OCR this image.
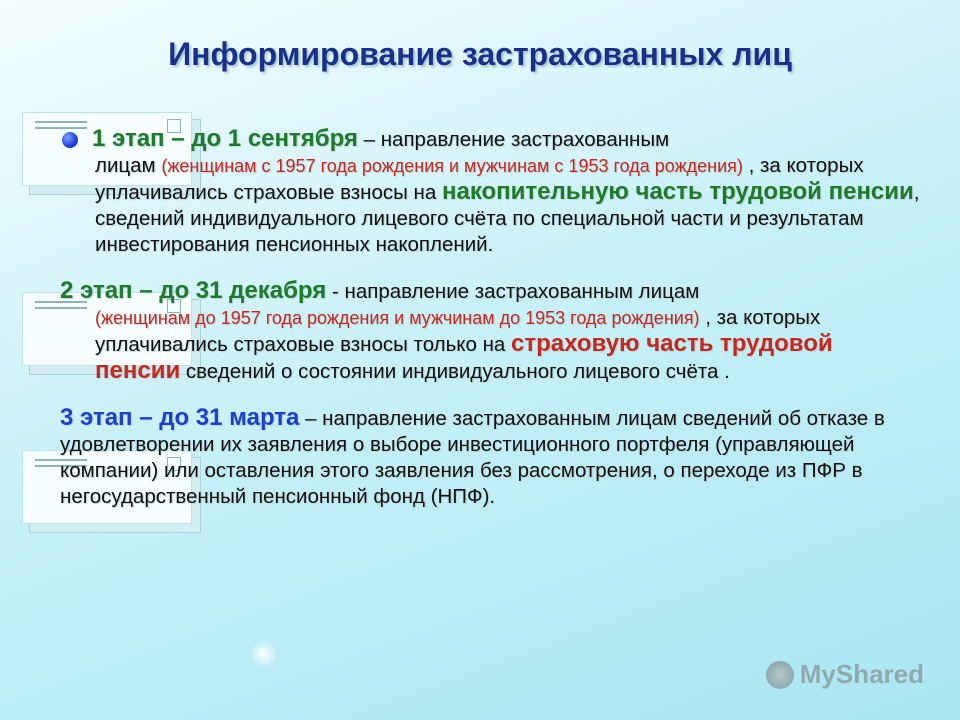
Информирование застрахованных лиц
1 этап – до 1 сентября – направление застрахованным
лицам (женщинам с 1957 года рождения и мужчинам с 1953 года рождения) , за которых уплачивались страховые взносы на накопительную часть трудовой пенсии, сведений индивидуального лицевого счёта по специальной части и результатам инвестирования пенсионных накоплений.
2 этап – до 31 декабря - направление застрахованным лицам
(женщинам до 1957 года рождения и мужчинам до 1953 года рождения) , за которых уплачивались страховые взносы только на страховую часть трудовой пенсии сведений о состоянии индивидуального лицевого счёта .
3 этап – до 31 марта – направление застрахованным лицам сведений об отказе в удовлетворении их заявления о выборе инвестиционного портфеля (управляющей компании) или оставления этого заявления без рассмотрения, о переходе из ПФР в негосударственный пенсионный фонд (НПФ).
MyShared
